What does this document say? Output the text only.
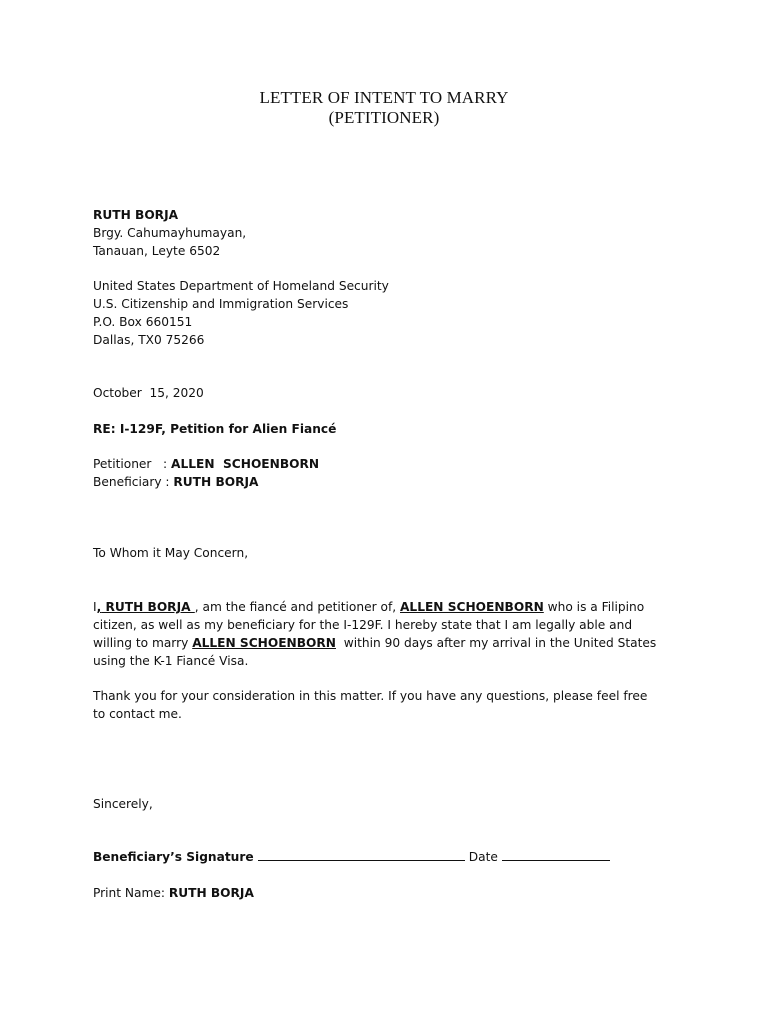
LETTER OF INTENT TO MARRY
(PETITIONER)
RUTH BORJA
Brgy. Cahumayhumayan,
Tanauan, Leyte 6502
United States Department of Homeland Security
U.S. Citizenship and Immigration Services
P.O. Box 660151
Dallas, TX0 75266
October  15, 2020
RE: I-129F, Petition for Alien Fiancé
Petitioner   : ALLEN  SCHOENBORN
Beneficiary : RUTH BORJA
To Whom it May Concern,
I, RUTH BORJA , am the fiancé and petitioner of, ALLEN SCHOENBORN who is a Filipino
citizen, as well as my beneficiary for the I-129F. I hereby state that I am legally able and
willing to marry ALLEN SCHOENBORN  within 90 days after my arrival in the United States
using the K-1 Fiancé Visa.
Thank you for your consideration in this matter. If you have any questions, please feel free
to contact me.
Sincerely,
Beneficiary’s Signature	Date
Print Name: RUTH BORJA
